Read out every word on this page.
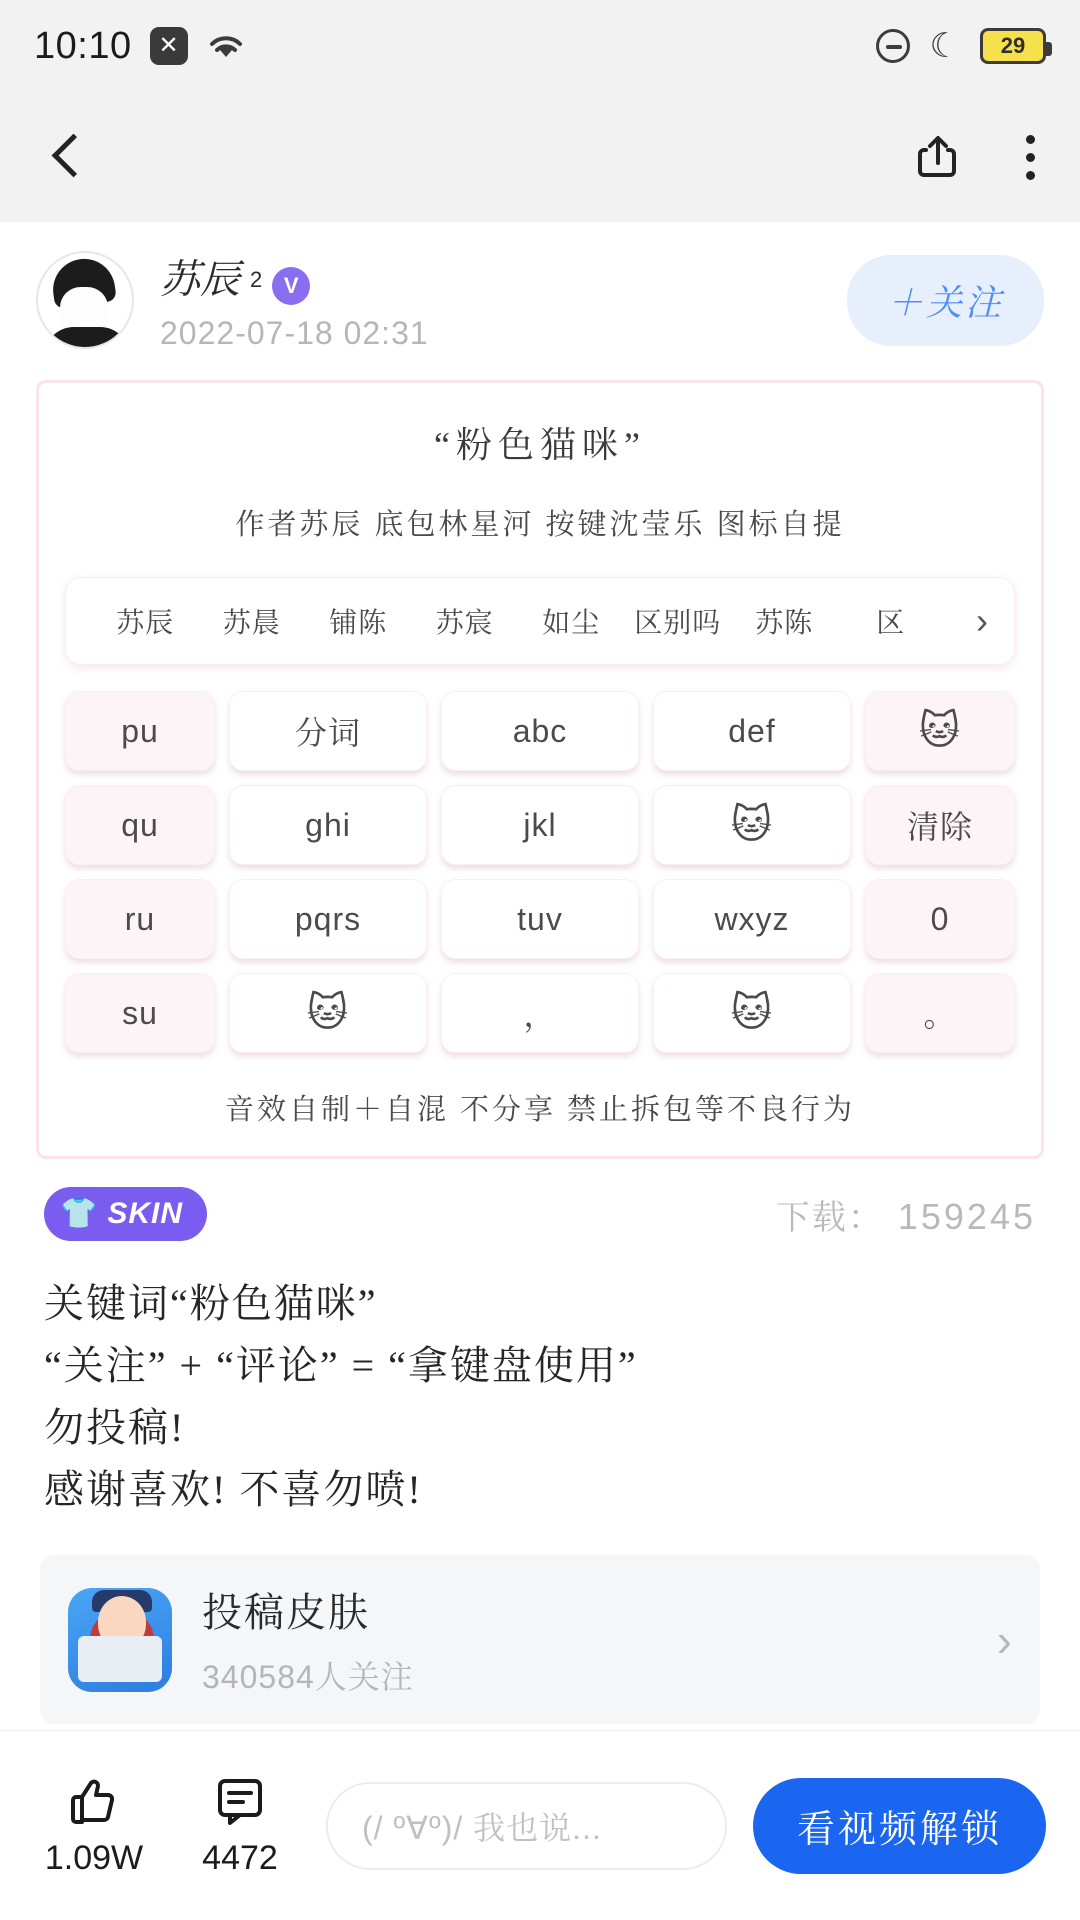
10:10	✕	☾ 29
苏辰 2 V
2022-07-18 02:31
＋关注
“粉色猫咪”
作者苏辰 底包林星河 按键沈莹乐 图标自提
苏辰	苏晨	铺陈	苏宸	如尘	区别吗	苏陈	区	›
pu	分词	abc	def	🐱
qu	ghi	jkl	🐱	清除
ru	pqrs	tuv	wxyz	0
su	🐱	，	🐱	。
音效自制＋自混 不分享 禁止拆包等不良行为
👕 SKIN	下载： 159245

关键词“粉色猫咪”

“关注” + “评论” = “拿键盘使用”

勿投稿!

感谢喜欢! 不喜勿喷!

投稿皮肤
340584人关注
›
1.09W 4472
(/ º∀º)/ 我也说...	看视频解锁
